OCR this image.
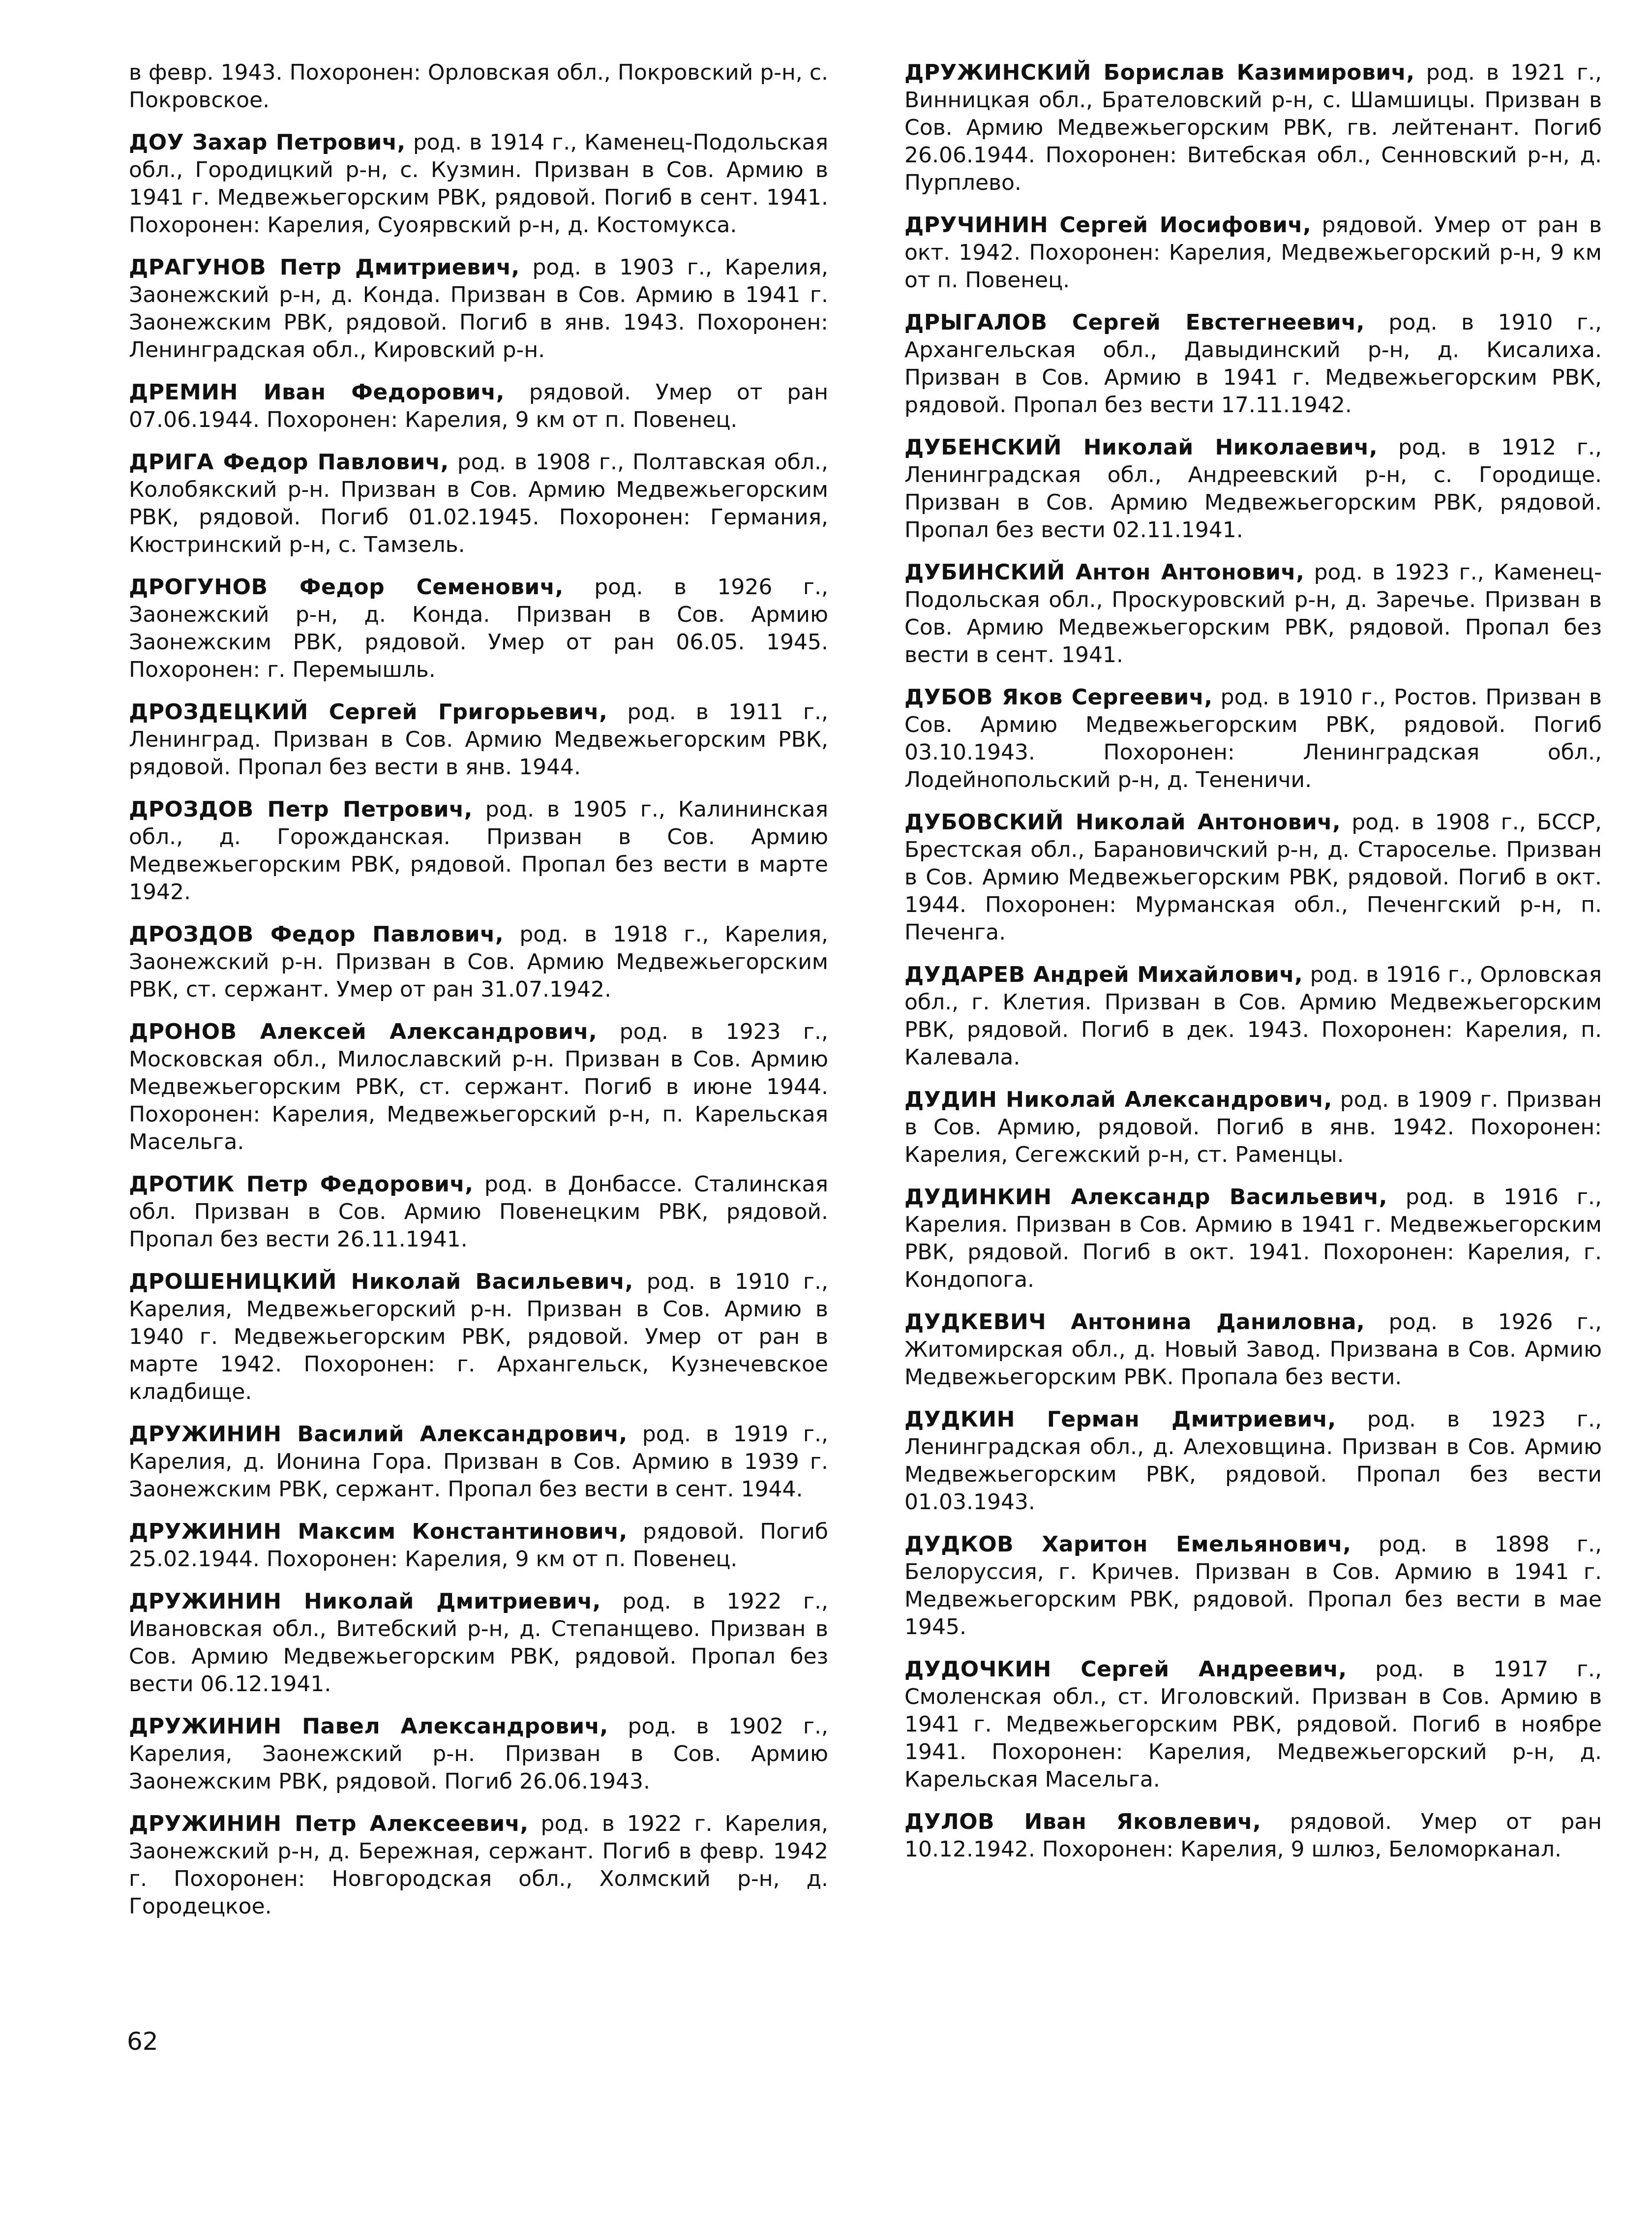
в февр. 1943. Похоронен: Орловская обл., Покровский р-н, с. Покровское.

ДОУ Захар Петрович, род. в 1914 г., Каменец-Подольская обл., Городицкий р-н, с. Кузмин. Призван в Сов. Армию в 1941 г. Медвежьегорским РВК, рядовой. Погиб в сент. 1941. Похоронен: Карелия, Суоярвский р-н, д. Костомукса.

ДРАГУНОВ Петр Дмитриевич, род. в 1903 г., Карелия, Заонежский р-н, д. Конда. Призван в Сов. Армию в 1941 г. Заонежским РВК, рядовой. Погиб в янв. 1943. Похоронен: Ленинградская обл., Кировский р-н.

ДРЕМИН Иван Федорович, рядовой. Умер от ран 07.06.1944. Похоронен: Карелия, 9 км от п. Повенец.

ДРИГА Федор Павлович, род. в 1908 г., Полтавская обл., Колобякский р-н. Призван в Сов. Армию Медвежьегорским РВК, рядовой. Погиб 01.02.1945. Похоронен: Германия, Кюстринский р-н, с. Тамзель.

ДРОГУНОВ Федор Семенович, род. в 1926 г., Заонежский р-н, д. Конда. Призван в Сов. Армию Заонежским РВК, рядовой. Умер от ран 06.05. 1945. Похоронен: г. Перемышль.

ДРОЗДЕЦКИЙ Сергей Григорьевич, род. в 1911 г., Ленинград. Призван в Сов. Армию Медвежьегорским РВК, рядовой. Пропал без вести в янв. 1944.

ДРОЗДОВ Петр Петрович, род. в 1905 г., Калининская обл., д. Горожданская. Призван в Сов. Армию Медвежьегорским РВК, рядовой. Пропал без вести в марте 1942.

ДРОЗДОВ Федор Павлович, род. в 1918 г., Карелия, Заонежский р-н. Призван в Сов. Армию Медвежьегорским РВК, ст. сержант. Умер от ран 31.07.1942.

ДРОНОВ Алексей Александрович, род. в 1923 г., Московская обл., Милославский р-н. Призван в Сов. Армию Медвежьегорским РВК, ст. сержант. Погиб в июне 1944. Похоронен: Карелия, Медвежьегорский р-н, п. Карельская Масельга.

ДРОТИК Петр Федорович, род. в Донбассе. Сталинская обл. Призван в Сов. Армию Повенецким РВК, рядовой. Пропал без вести 26.11.1941.

ДРОШЕНИЦКИЙ Николай Васильевич, род. в 1910 г., Карелия, Медвежьегорский р-н. Призван в Сов. Армию в 1940 г. Медвежьегорским РВК, рядовой. Умер от ран в марте 1942. Похоронен: г. Архангельск, Кузнечевское кладбище.

ДРУЖИНИН Василий Александрович, род. в 1919 г., Карелия, д. Ионина Гора. Призван в Сов. Армию в 1939 г. Заонежским РВК, сержант. Пропал без вести в сент. 1944.

ДРУЖИНИН Максим Константинович, рядовой. Погиб 25.02.1944. Похоронен: Карелия, 9 км от п. Повенец.

ДРУЖИНИН Николай Дмитриевич, род. в 1922 г., Ивановская обл., Витебский р-н, д. Степанщево. Призван в Сов. Армию Медвежьегорским РВК, рядовой. Пропал без вести 06.12.1941.

ДРУЖИНИН Павел Александрович, род. в 1902 г., Карелия, Заонежский р-н. Призван в Сов. Армию Заонежским РВК, рядовой. Погиб 26.06.1943.

ДРУЖИНИН Петр Алексеевич, род. в 1922 г. Карелия, Заонежский р-н, д. Бережная, сержант. Погиб в февр. 1942 г. Похоронен: Новгородская обл., Холмский р-н, д. Городецкое.

ДРУЖИНСКИЙ Борислав Казимирович, род. в 1921 г., Винницкая обл., Брателовский р-н, с. Шамшицы. Призван в Сов. Армию Медвежьегорским РВК, гв. лейтенант. Погиб 26.06.1944. Похоронен: Витебская обл., Сенновский р-н, д. Пурплево.

ДРУЧИНИН Сергей Иосифович, рядовой. Умер от ран в окт. 1942. Похоронен: Карелия, Медвежьегорский р-н, 9 км от п. Повенец.

ДРЫГАЛОВ Сергей Евстегнеевич, род. в 1910 г., Архангельская обл., Давыдинский р-н, д. Кисалиха. Призван в Сов. Армию в 1941 г. Медвежьегорским РВК, рядовой. Пропал без вести 17.11.1942.

ДУБЕНСКИЙ Николай Николаевич, род. в 1912 г., Ленинградская обл., Андреевский р-н, с. Городище. Призван в Сов. Армию Медвежьегорским РВК, рядовой. Пропал без вести 02.11.1941.

ДУБИНСКИЙ Антон Антонович, род. в 1923 г., Каменец-Подольская обл., Проскуровский р-н, д. Заречье. Призван в Сов. Армию Медвежьегорским РВК, рядовой. Пропал без вести в сент. 1941.

ДУБОВ Яков Сергеевич, род. в 1910 г., Ростов. Призван в Сов. Армию Медвежьегорским РВК, рядовой. Погиб 03.10.1943. Похоронен: Ленинградская обл., Лодейнопольский р-н, д. Тененичи.

ДУБОВСКИЙ Николай Антонович, род. в 1908 г., БССР, Брестская обл., Барановичский р-н, д. Староселье. Призван в Сов. Армию Медвежьегорским РВК, рядовой. Погиб в окт. 1944. Похоронен: Мурманская обл., Печенгский р-н, п. Печенга.

ДУДАРЕВ Андрей Михайлович, род. в 1916 г., Орловская обл., г. Клетия. Призван в Сов. Армию Медвежьегорским РВК, рядовой. Погиб в дек. 1943. Похоронен: Карелия, п. Калевала.

ДУДИН Николай Александрович, род. в 1909 г. Призван в Сов. Армию, рядовой. Погиб в янв. 1942. Похоронен: Карелия, Сегежский р-н, ст. Раменцы.

ДУДИНКИН Александр Васильевич, род. в 1916 г., Карелия. Призван в Сов. Армию в 1941 г. Медвежьегорским РВК, рядовой. Погиб в окт. 1941. Похоронен: Карелия, г. Кондопога.

ДУДКЕВИЧ Антонина Даниловна, род. в 1926 г., Житомирская обл., д. Новый Завод. Призвана в Сов. Армию Медвежьегорским РВК. Пропала без вести.

ДУДКИН Герман Дмитриевич, род. в 1923 г., Ленинградская обл., д. Алеховщина. Призван в Сов. Армию Медвежьегорским РВК, рядовой. Пропал без вести 01.03.1943.

ДУДКОВ Харитон Емельянович, род. в 1898 г., Белоруссия, г. Кричев. Призван в Сов. Армию в 1941 г. Медвежьегорским РВК, рядовой. Пропал без вести в мае 1945.

ДУДОЧКИН Сергей Андреевич, род. в 1917 г., Смоленская обл., ст. Иголовский. Призван в Сов. Армию в 1941 г. Медвежьегорским РВК, рядовой. Погиб в ноябре 1941. Похоронен: Карелия, Медвежьегорский р-н, д. Карельская Масельга.

ДУЛОВ Иван Яковлевич, рядовой. Умер от ран 10.12.1942. Похоронен: Карелия, 9 шлюз, Беломорканал.

62
